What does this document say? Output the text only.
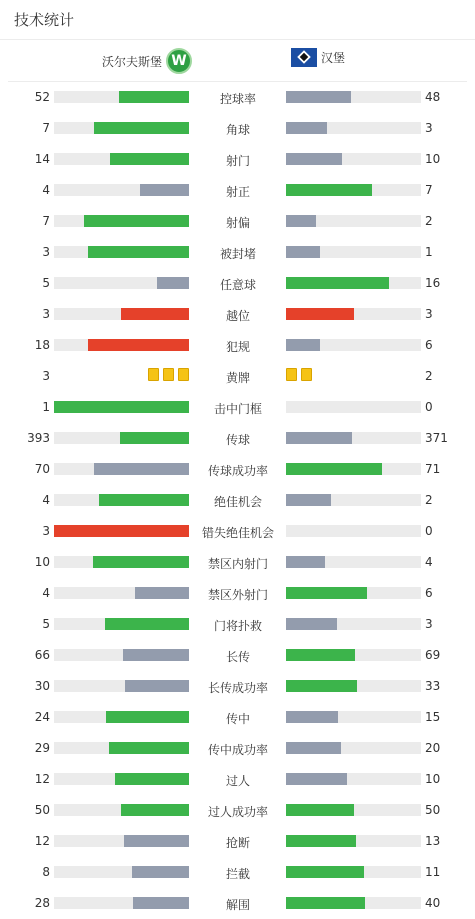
技术统计
沃尔夫斯堡 W	汉堡
52	控球率	48
7	角球	3
14	射门	10
4	射正	7
7	射偏	2
3	被封堵	1
5	任意球	16
3	越位	3
18	犯规	6
3	黄牌	2
1	击中门框	0
393	传球	371
70	传球成功率	71
4	绝佳机会	2
3	错失绝佳机会	0
10	禁区内射门	4
4	禁区外射门	6
5	门将扑救	3
66	长传	69
30	长传成功率	33
24	传中	15
29	传中成功率	20
12	过人	10
50	过人成功率	50
12	抢断	13
8	拦截	11
28	解围	40
